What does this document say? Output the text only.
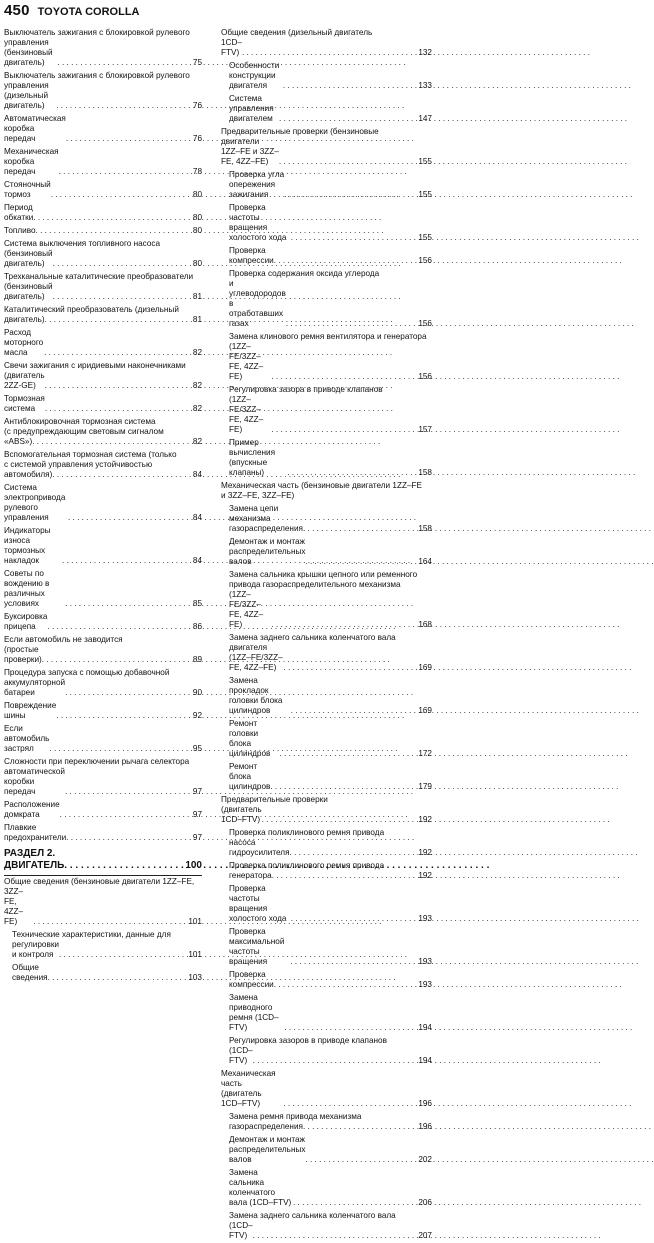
450 TOYOTA COROLLA
Выключатель зажигания с блокировкой рулевого
управления (бензиновый двигатель) . . .	75
Выключатель зажигания с блокировкой рулевого
управления (дизельный двигатель) . . .	76
Автоматическая коробка передач . . .	76
Механическая коробка передач . . .	78
Стояночный тормоз . . .	80
Период обкатки . . .	80
Топливо . . .	80
Система выключения топливного насоса
(бензиновый двигатель) . . .	80
Трехканальные каталитические преобразователи
(бензиновый двигатель) . . .	81
Каталитический преобразователь (дизельный
двигатель) . . .	81
Расход моторного масла . . .	82
Свечи зажигания с иридиевыми наконечниками
(двигатель 2ZZ-GE) . . .	82
Тормозная система . . .	82
Антиблокировочная тормозная система
(с предупреждающим световым сигналом
«ABS») . . .	82
Вспомогательная тормозная система (только
с системой управления устойчивостью
автомобиля) . . .	84
Система электропривода рулевого управления . . .	84
Индикаторы износа тормозных накладок . . .	84
Советы по вождению в различных условиях . . .	85
Буксировка прицепа . . .	86
Если автомобиль не заводится
(простые проверки) . . .	89
Процедура запуска с помощью добавочной
аккумуляторной батареи . . .	90
Повреждение шины . . .	92
Если автомобиль застрял . . .	95
Сложности при переключении рычага селектора
автоматической коробки передач . . .	97
Расположение домкрата . . .	97
Плавкие предохранители . . .	97
РАЗДЕЛ 2. ДВИГАТЕЛЬ . . .	100
Общие сведения (бензиновые двигатели 1ZZ–FE,
3ZZ–FE, 4ZZ–FE) . . .	101
Технические характеристики, данные для
регулировки и контроля . . .	101
Общие сведения . . .	103
Общие сведения (дизельный двигатель
1CD–FTV) . . .	132
Особенности конструкции двигателя . . .	133
Система управления двигателем . . .	147
Предварительные проверки (бензиновые
двигатели 1ZZ–FE и 3ZZ–FE, 4ZZ–FE) . . .	155
Проверка угла опережения зажигания . . .	155
Проверка частоты вращения холостого хода . . .	155
Проверка компрессии . . .	156
Проверка содержания оксида углерода
и углеводородов в отработавших газах . . .	156
Замена клинового ремня вентилятора и генератора
(1ZZ–FE/3ZZ–FE, 4ZZ–FE) . . .	156
Регулировка зазора в приводе клапанов
(1ZZ–FE/3ZZ–FE, 4ZZ–FE) . . .	157
Пример вычисления (впускные клапаны) . . .	158
Механическая часть (бензиновые двигатели 1ZZ–FE
и 3ZZ–FE, 3ZZ–FE)
Замена цепи механизма газораспределения . . .	158
Демонтаж и монтаж распределительных валов . . .	164
Замена сальника крышки цепного или ременного
привода газораспределительного механизма
(1ZZ–FE/3ZZ–FE, 4ZZ–FE) . . .	168
Замена заднего сальника коленчатого вала
двигателя (1ZZ–FE/3ZZ–FE, 4ZZ–FE) . . .	169
Замена прокладок головки блока цилиндров . . .	169
Ремонт головки блока цилиндров . . .	172
Ремонт блока цилиндров . . .	179
Предварительные проверки
(двигатель 1CD–FTV) . . .	192
Проверка поликлинового ремня привода
насоса гидроусилителя . . .	192
Проверка поликлинового ремня привода
генератора . . .	192
Проверка частоты вращения холостого хода . . .	193
Проверка максимальной частоты вращения . . .	193
Проверка компрессии . . .	193
Замена приводного ремня (1CD–FTV) . . .	194
Регулировка зазоров в приводе клапанов
(1CD–FTV) . . .	194
Механическая часть (двигатель 1CD–FTV) . . .	196
Замена ремня привода механизма
газораспределения . . .	196
Демонтаж и монтаж распределительных валов . . .	202
Замена сальника коленчатого вала (1CD–FTV) . . .	206
Замена заднего сальника коленчатого вала
(1CD–FTV) . . .	207
